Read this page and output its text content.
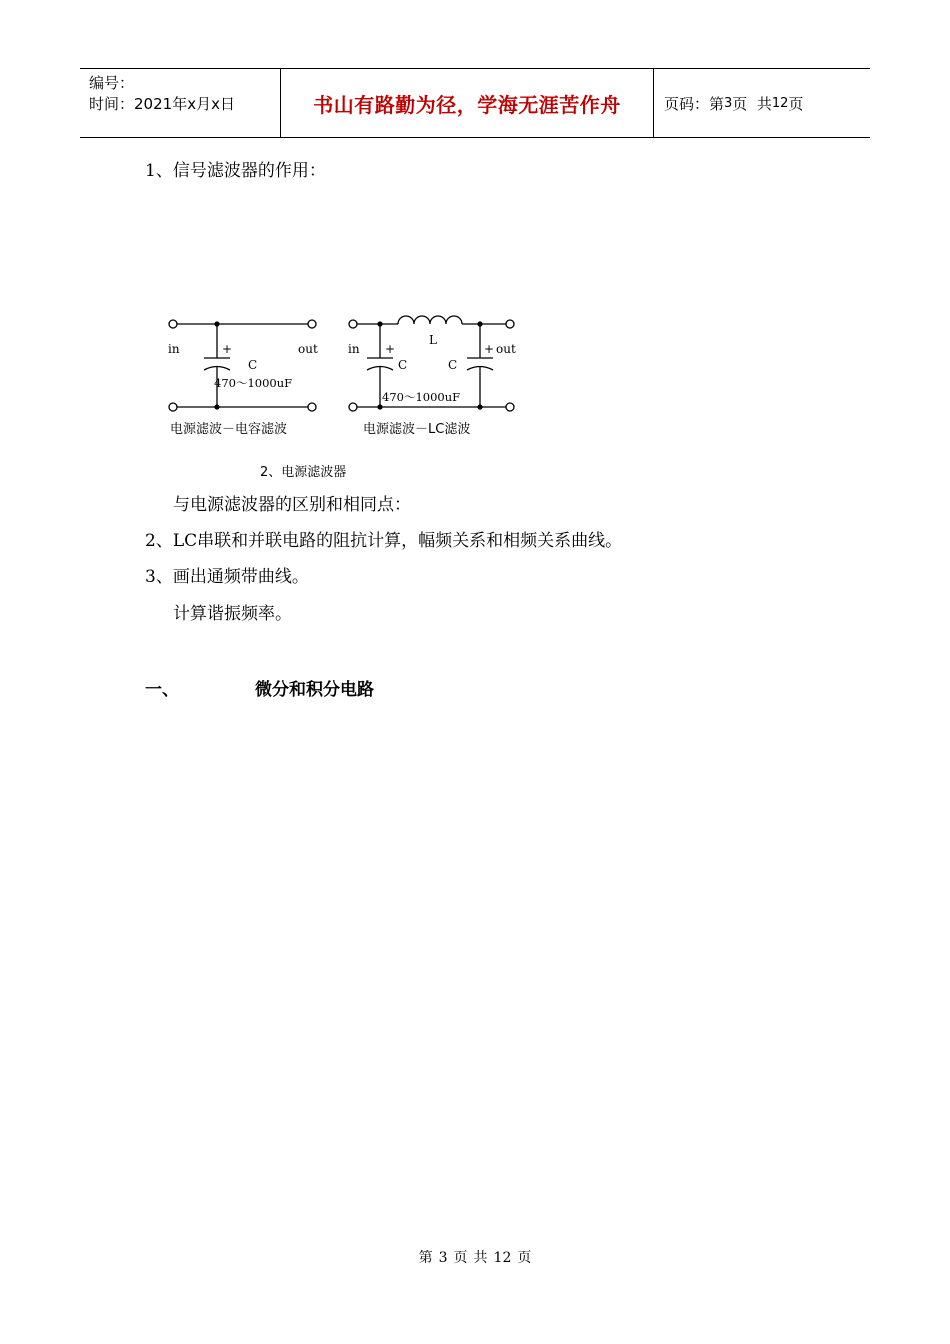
编号：
时间：2021年x月x日	书山有路勤为径，学海无涯苦作舟	页码：第 3 页  共 12 页
1、信号滤波器的作用：
in	out
+
C
470～1000uF
in +
L
C	C
+ out
470～1000uF
电源滤波－电容滤波	电源滤波－LC滤波
2、电源滤波器
与电源滤波器的区别和相同点：
2、LC串联和并联电路的阻抗计算，幅频关系和相频关系曲线。
3、画出通频带曲线。
计算谐振频率。
一、	微分和积分电路
第 3 页 共 12 页
